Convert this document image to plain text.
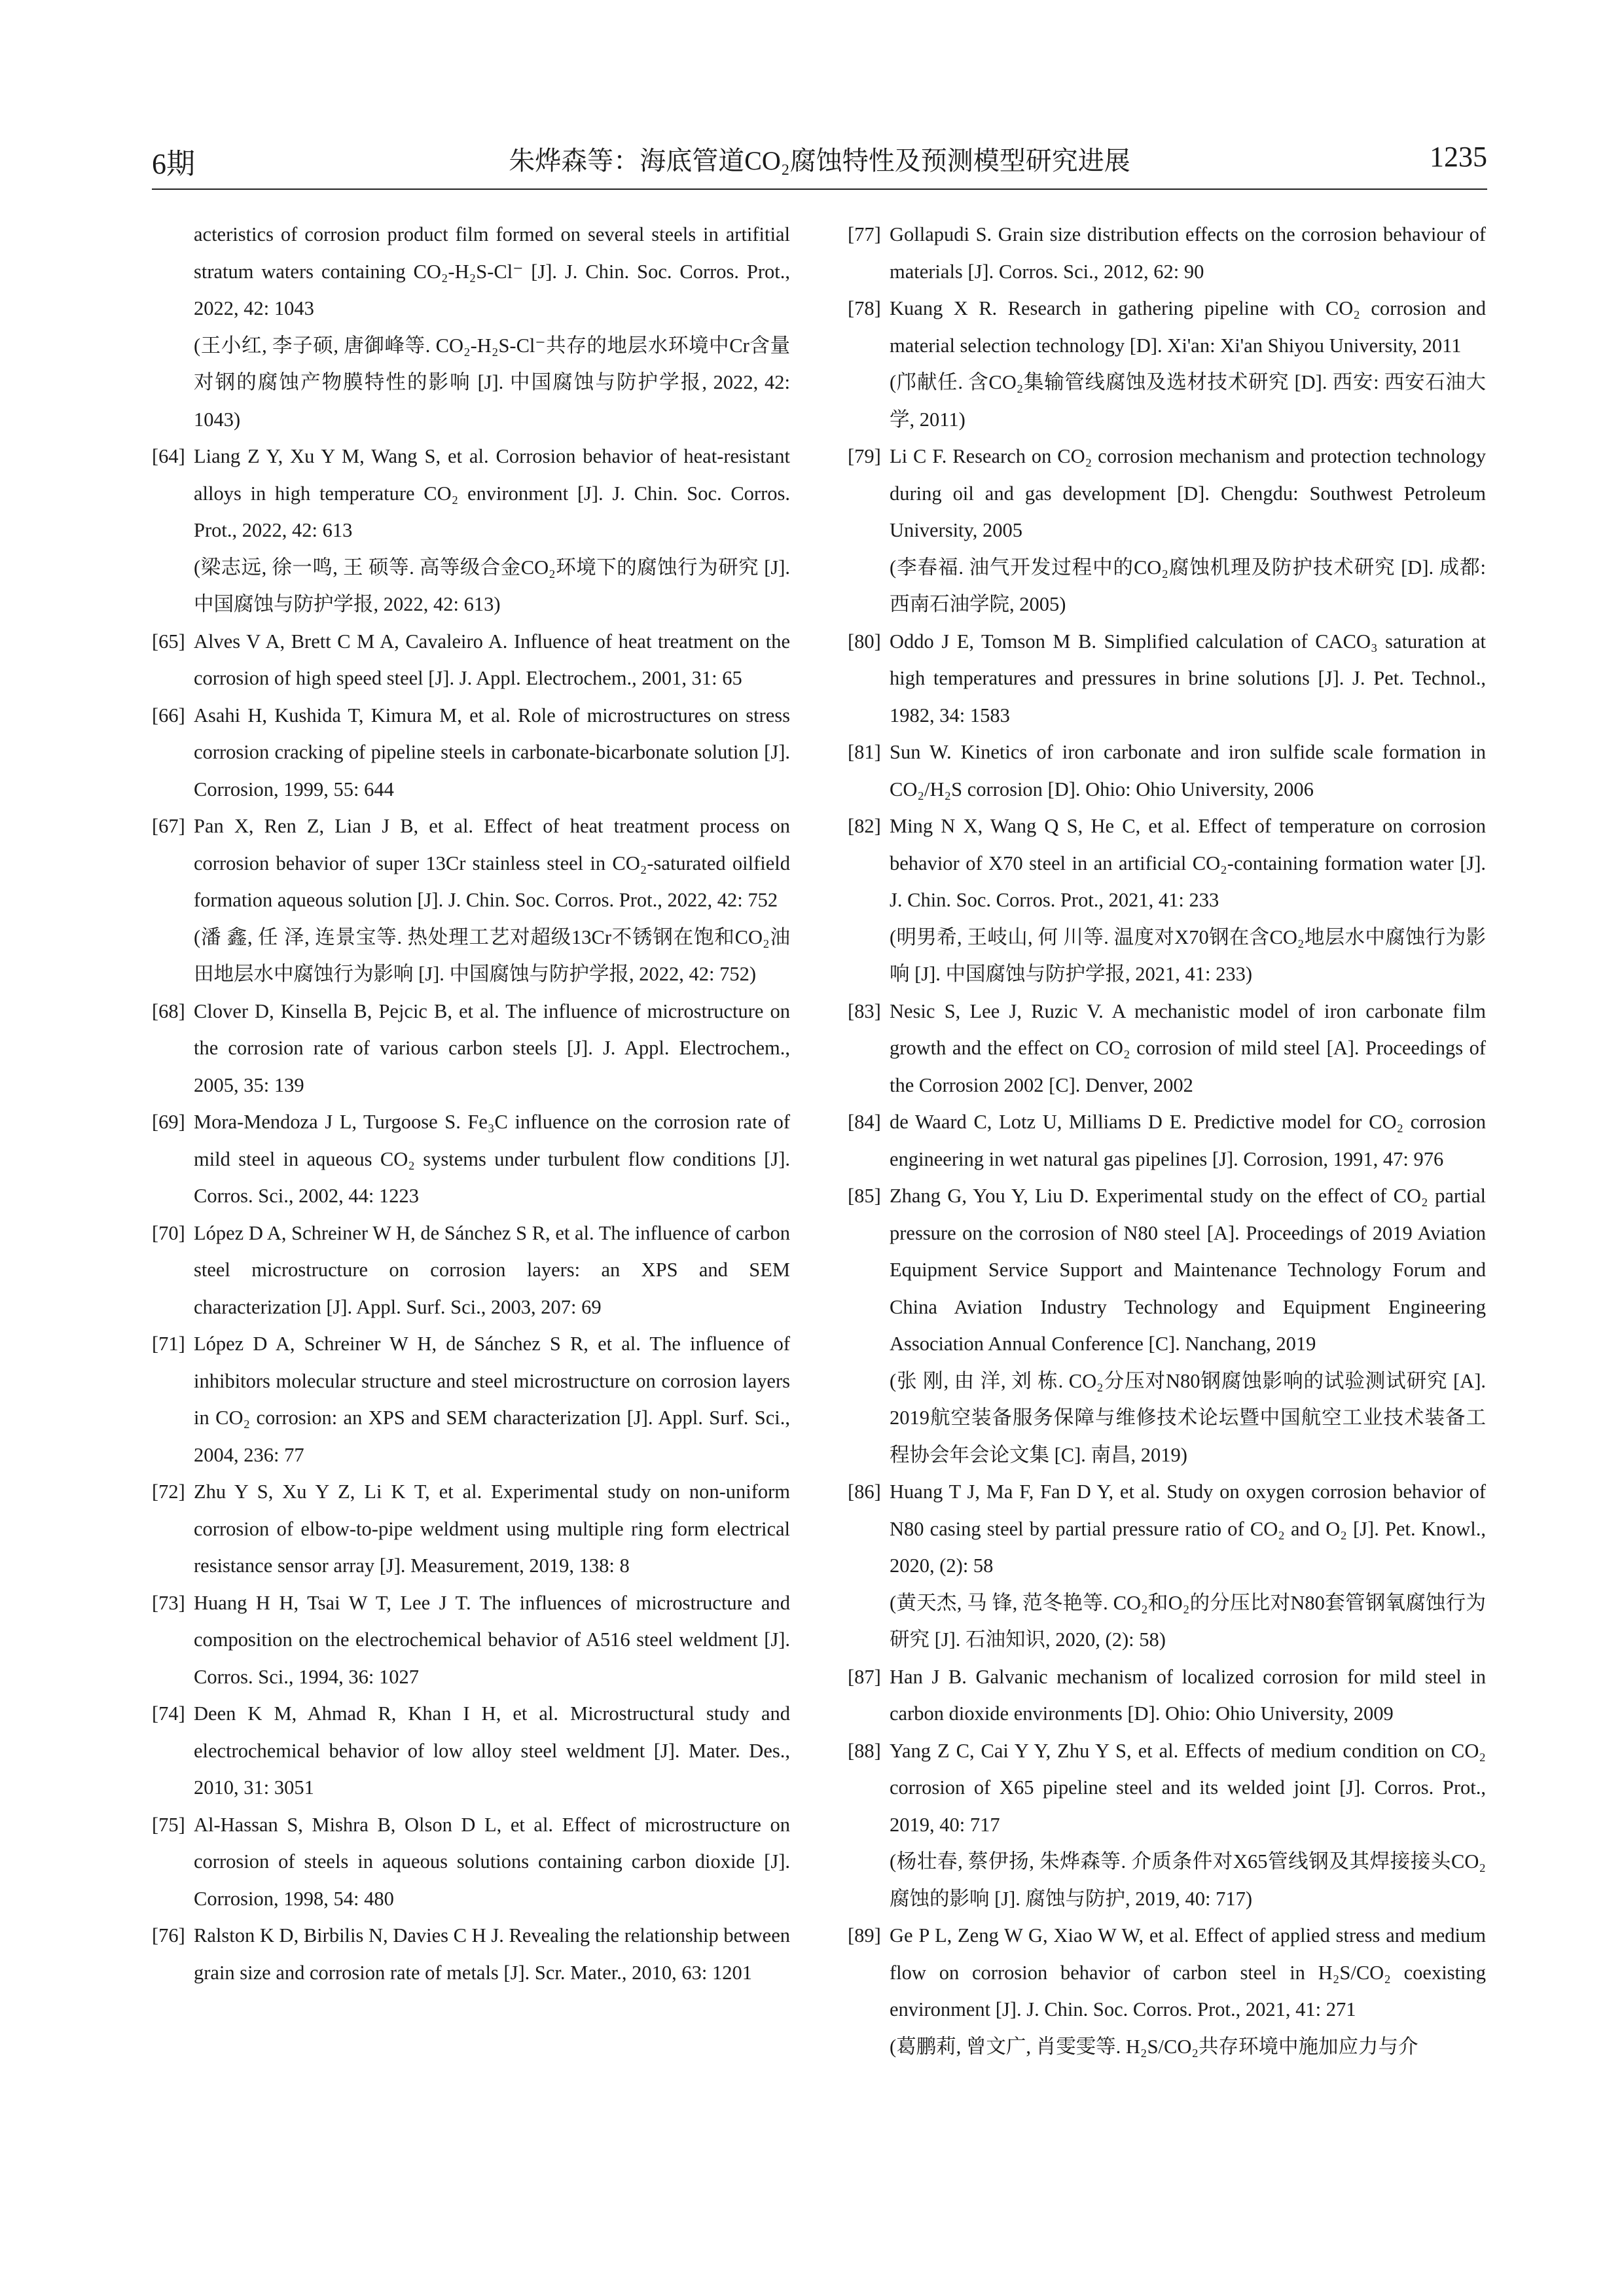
6期	朱烨森等：海底管道CO₂腐蚀特性及预测模型研究进展	1235
acteristics of corrosion product film formed on several steels in artifitial stratum waters containing CO₂-H₂S-Cl⁻ [J]. J. Chin. Soc. Corros. Prot., 2022, 42: 1043
(王小红, 李子硕, 唐御峰等. CO₂-H₂S-Cl⁻共存的地层水环境中Cr含量对钢的腐蚀产物膜特性的影响 [J]. 中国腐蚀与防护学报, 2022, 42: 1043)
[64] Liang Z Y, Xu Y M, Wang S, et al. Corrosion behavior of heat-resistant alloys in high temperature CO₂ environment [J]. J. Chin. Soc. Corros. Prot., 2022, 42: 613
(梁志远, 徐一鸣, 王 硕等. 高等级合金CO₂环境下的腐蚀行为研究 [J]. 中国腐蚀与防护学报, 2022, 42: 613)
[65] Alves V A, Brett C M A, Cavaleiro A. Influence of heat treatment on the corrosion of high speed steel [J]. J. Appl. Electrochem., 2001, 31: 65
[66] Asahi H, Kushida T, Kimura M, et al. Role of microstructures on stress corrosion cracking of pipeline steels in carbonate-bicarbonate solution [J]. Corrosion, 1999, 55: 644
[67] Pan X, Ren Z, Lian J B, et al. Effect of heat treatment process on corrosion behavior of super 13Cr stainless steel in CO₂-saturated oilfield formation aqueous solution [J]. J. Chin. Soc. Corros. Prot., 2022, 42: 752
(潘 鑫, 任 泽, 连景宝等. 热处理工艺对超级13Cr不锈钢在饱和CO₂油田地层水中腐蚀行为影响 [J]. 中国腐蚀与防护学报, 2022, 42: 752)
[68] Clover D, Kinsella B, Pejcic B, et al. The influence of microstructure on the corrosion rate of various carbon steels [J]. J. Appl. Electrochem., 2005, 35: 139
[69] Mora-Mendoza J L, Turgoose S. Fe₃C influence on the corrosion rate of mild steel in aqueous CO₂ systems under turbulent flow conditions [J]. Corros. Sci., 2002, 44: 1223
[70] López D A, Schreiner W H, de Sánchez S R, et al. The influence of carbon steel microstructure on corrosion layers: an XPS and SEM characterization [J]. Appl. Surf. Sci., 2003, 207: 69
[71] López D A, Schreiner W H, de Sánchez S R, et al. The influence of inhibitors molecular structure and steel microstructure on corrosion layers in CO₂ corrosion: an XPS and SEM characterization [J]. Appl. Surf. Sci., 2004, 236: 77
[72] Zhu Y S, Xu Y Z, Li K T, et al. Experimental study on non-uniform corrosion of elbow-to-pipe weldment using multiple ring form electrical resistance sensor array [J]. Measurement, 2019, 138: 8
[73] Huang H H, Tsai W T, Lee J T. The influences of microstructure and composition on the electrochemical behavior of A516 steel weldment [J]. Corros. Sci., 1994, 36: 1027
[74] Deen K M, Ahmad R, Khan I H, et al. Microstructural study and electrochemical behavior of low alloy steel weldment [J]. Mater. Des., 2010, 31: 3051
[75] Al-Hassan S, Mishra B, Olson D L, et al. Effect of microstructure on corrosion of steels in aqueous solutions containing carbon dioxide [J]. Corrosion, 1998, 54: 480
[76] Ralston K D, Birbilis N, Davies C H J. Revealing the relationship between grain size and corrosion rate of metals [J]. Scr. Mater., 2010, 63: 1201
[77] Gollapudi S. Grain size distribution effects on the corrosion behaviour of materials [J]. Corros. Sci., 2012, 62: 90
[78] Kuang X R. Research in gathering pipeline with CO₂ corrosion and material selection technology [D]. Xi'an: Xi'an Shiyou University, 2011
(邝献任. 含CO₂集输管线腐蚀及选材技术研究 [D]. 西安: 西安石油大学, 2011)
[79] Li C F. Research on CO₂ corrosion mechanism and protection technology during oil and gas development [D]. Chengdu: Southwest Petroleum University, 2005
(李春福. 油气开发过程中的CO₂腐蚀机理及防护技术研究 [D]. 成都: 西南石油学院, 2005)
[80] Oddo J E, Tomson M B. Simplified calculation of CACO₃ saturation at high temperatures and pressures in brine solutions [J]. J. Pet. Technol., 1982, 34: 1583
[81] Sun W. Kinetics of iron carbonate and iron sulfide scale formation in CO₂/H₂S corrosion [D]. Ohio: Ohio University, 2006
[82] Ming N X, Wang Q S, He C, et al. Effect of temperature on corrosion behavior of X70 steel in an artificial CO₂-containing formation water [J]. J. Chin. Soc. Corros. Prot., 2021, 41: 233
(明男希, 王岐山, 何 川等. 温度对X70钢在含CO₂地层水中腐蚀行为影响 [J]. 中国腐蚀与防护学报, 2021, 41: 233)
[83] Nesic S, Lee J, Ruzic V. A mechanistic model of iron carbonate film growth and the effect on CO₂ corrosion of mild steel [A]. Proceedings of the Corrosion 2002 [C]. Denver, 2002
[84] de Waard C, Lotz U, Milliams D E. Predictive model for CO₂ corrosion engineering in wet natural gas pipelines [J]. Corrosion, 1991, 47: 976
[85] Zhang G, You Y, Liu D. Experimental study on the effect of CO₂ partial pressure on the corrosion of N80 steel [A]. Proceedings of 2019 Aviation Equipment Service Support and Maintenance Technology Forum and China Aviation Industry Technology and Equipment Engineering Association Annual Conference [C]. Nanchang, 2019
(张 刚, 由 洋, 刘 栋. CO₂分压对N80钢腐蚀影响的试验测试研究 [A]. 2019航空装备服务保障与维修技术论坛暨中国航空工业技术装备工程协会年会论文集 [C]. 南昌, 2019)
[86] Huang T J, Ma F, Fan D Y, et al. Study on oxygen corrosion behavior of N80 casing steel by partial pressure ratio of CO₂ and O₂ [J]. Pet. Knowl., 2020, (2): 58
(黄天杰, 马 锋, 范冬艳等. CO₂和O₂的分压比对N80套管钢氧腐蚀行为研究 [J]. 石油知识, 2020, (2): 58)
[87] Han J B. Galvanic mechanism of localized corrosion for mild steel in carbon dioxide environments [D]. Ohio: Ohio University, 2009
[88] Yang Z C, Cai Y Y, Zhu Y S, et al. Effects of medium condition on CO₂ corrosion of X65 pipeline steel and its welded joint [J]. Corros. Prot., 2019, 40: 717
(杨壮春, 蔡伊扬, 朱烨森等. 介质条件对X65管线钢及其焊接接头CO₂腐蚀的影响 [J]. 腐蚀与防护, 2019, 40: 717)
[89] Ge P L, Zeng W G, Xiao W W, et al. Effect of applied stress and medium flow on corrosion behavior of carbon steel in H₂S/CO₂ coexisting environment [J]. J. Chin. Soc. Corros. Prot., 2021, 41: 271
(葛鹏莉, 曾文广, 肖雯雯等. H₂S/CO₂共存环境中施加应力与介
